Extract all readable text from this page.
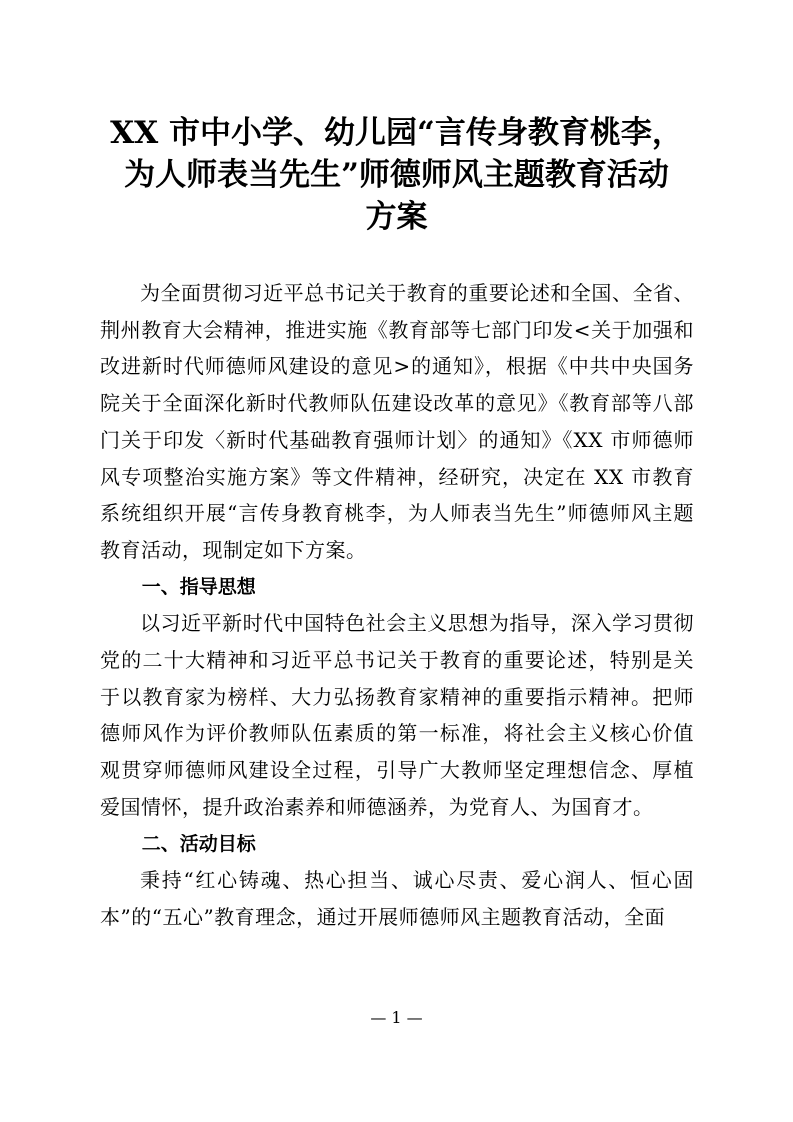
XX 市中小学、幼儿园“言传身教育桃李，
为人师表当先生”师德师风主题教育活动
方案

为全面贯彻习近平总书记关于教育的重要论述和全国、全省、荆州教育大会精神，推进实施《教育部等七部门印发<关于加强和改进新时代师德师风建设的意见>的通知》，根据《中共中央国务院关于全面深化新时代教师队伍建设改革的意见》《教育部等八部门关于印发〈新时代基础教育强师计划〉的通知》《XX 市师德师风专项整治实施方案》等文件精神，经研究，决定在 XX 市教育系统组织开展“言传身教育桃李，为人师表当先生”师德师风主题教育活动，现制定如下方案。

一、指导思想

以习近平新时代中国特色社会主义思想为指导，深入学习贯彻党的二十大精神和习近平总书记关于教育的重要论述，特别是关于以教育家为榜样、大力弘扬教育家精神的重要指示精神。把师德师风作为评价教师队伍素质的第一标准，将社会主义核心价值观贯穿师德师风建设全过程，引导广大教师坚定理想信念、厚植爱国情怀，提升政治素养和师德涵养，为党育人、为国育才。

二、活动目标

秉持“红心铸魂、热心担当、诚心尽责、爱心润人、恒心固本”的“五心”教育理念，通过开展师德师风主题教育活动，全面

— 1 —
